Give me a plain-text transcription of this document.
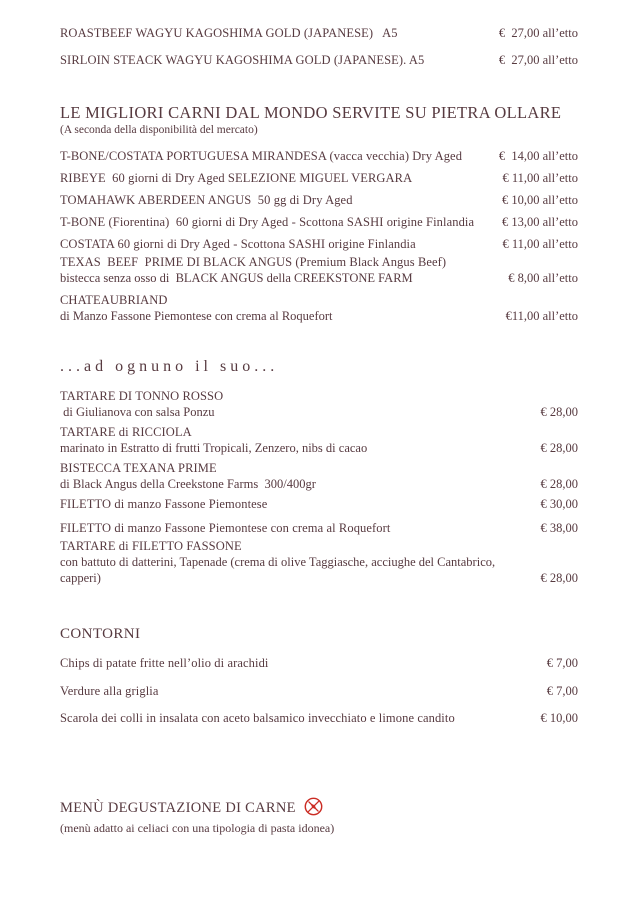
ROASTBEEF WAGYU KAGOSHIMA GOLD (JAPANESE)   A5	€  27,00 all’etto
SIRLOIN STEACK WAGYU KAGOSHIMA GOLD (JAPANESE). A5	€  27,00 all’etto
LE MIGLIORI CARNI DAL MONDO SERVITE SU PIETRA OLLARE
(A seconda della disponibilità del mercato)
T-BONE/COSTATA PORTUGUESA MIRANDESA (vacca vecchia) Dry Aged	€  14,00 all’etto
RIBEYE  60 giorni di Dry Aged SELEZIONE MIGUEL VERGARA	€ 11,00 all’etto
TOMAHAWK ABERDEEN ANGUS  50 gg di Dry Aged	€ 10,00 all’etto
T-BONE (Fiorentina)  60 giorni di Dry Aged - Scottona SASHI origine Finlandia	€ 13,00 all’etto
COSTATA 60 giorni di Dry Aged - Scottona SASHI origine Finlandia	€ 11,00 all’etto
TEXAS  BEEF  PRIME DI BLACK ANGUS (Premium Black Angus Beef)
bistecca senza osso di  BLACK ANGUS della CREEKSTONE FARM	€ 8,00 all’etto
CHATEAUBRIAND
di Manzo Fassone Piemontese con crema al Roquefort	€11,00 all’etto
...ad ognuno il suo...
TARTARE DI TONNO ROSSO
di Giulianova con salsa Ponzu	€ 28,00
TARTARE di RICCIOLA
marinato in Estratto di frutti Tropicali, Zenzero, nibs di cacao	€ 28,00
BISTECCA TEXANA PRIME
di Black Angus della Creekstone Farms  300/400gr	€ 28,00
FILETTO di manzo Fassone Piemontese	€ 30,00
FILETTO di manzo Fassone Piemontese con crema al Roquefort	€ 38,00
TARTARE di FILETTO FASSONE
con battuto di datterini, Tapenade (crema di olive Taggiasche, acciughe del Cantabrico, capperi)	€ 28,00
CONTORNI
Chips di patate fritte nell’olio di arachidi	€ 7,00
Verdure alla griglia	€ 7,00
Scarola dei colli in insalata con aceto balsamico invecchiato e limone candito	€ 10,00
MENÙ DEGUSTAZIONE DI CARNE
(menù adatto ai celiaci con una tipologia di pasta idonea)
